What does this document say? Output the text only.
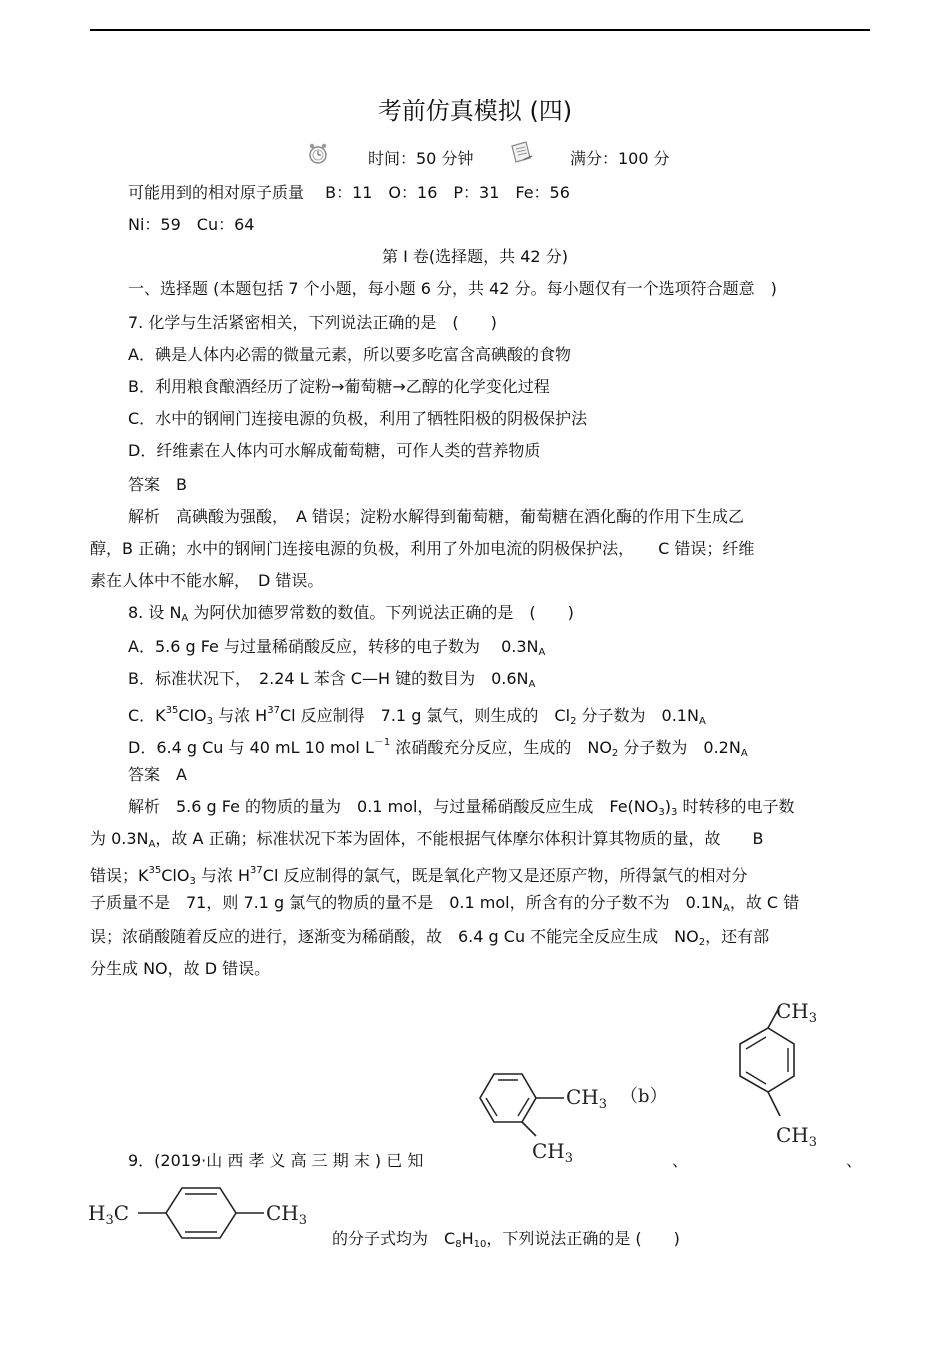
考前仿真模拟 (四)
时间：50 分钟	满分：100 分
可能用到的相对原子质量　 B：11　O：16　P：31　Fe：56
Ni：59　Cu：64
第 I 卷(选择题，共 42 分)
一、选择题 (本题包括 7 个小题，每小题 6 分，共 42 分。每小题仅有一个选项符合题意　)
7. 化学与生活紧密相关，下列说法正确的是　(　　)
A．碘是人体内必需的微量元素，所以要多吃富含高碘酸的食物
B．利用粮食酿酒经历了淀粉→葡萄糖→乙醇的化学变化过程
C．水中的钢闸门连接电源的负极，利用了牺牲阳极的阴极保护法
D．纤维素在人体内可水解成葡萄糖，可作人类的营养物质
答案　B
解析　高碘酸为强酸，　A 错误；淀粉水解得到葡萄糖，葡萄糖在酒化酶的作用下生成乙
醇，B 正确；水中的钢闸门连接电源的负极，利用了外加电流的阴极保护法，　　C 错误；纤维
素在人体中不能水解，　D 错误。
8. 设 $N_A$ 为阿伏加德罗常数的数值。下列说法正确的是　(　　)
A．5.6 g Fe 与过量稀硝酸反应，转移的电子数为　 $0.3N_A$
B．标准状况下，　2.24 L 苯含 C—H 键的数目为　$0.6N_A$
C．$K^{35}ClO_3$ 与浓 $H^{37}Cl$ 反应制得　7.1 g 氯气，则生成的　$Cl_2$ 分子数为　$0.1N_A$
D．6.4 g Cu 与 40 mL 10 mol $L^{-1}$ 浓硝酸充分反应，生成的　$NO_2$ 分子数为　$0.2N_A$
答案　A
解析　5.6 g Fe 的物质的量为　0.1 mol，与过量稀硝酸反应生成　$Fe(NO_3)_3$ 时转移的电子数
为 $0.3N_A$，故 A 正确；标准状况下苯为固体，不能根据气体摩尔体积计算其物质的量，故　　B
错误；$K^{35}ClO_3$ 与浓 $H^{37}Cl$ 反应制得的氯气，既是氧化产物又是还原产物，所得氯气的相对分
子质量不是　71，则 7.1 g 氯气的物质的量不是　0.1 mol，所含有的分子数不为　$0.1N_A$，故 C 错
误；浓硝酸随着反应的进行，逐渐变为稀硝酸，故　6.4 g Cu 不能完全反应生成　$NO_2$，还有部
分生成 NO，故 D 错误。
$CH_3$ （b）
$CH_3$
$CH_3$
$CH_3$
9．(2019·山 西 孝 义 高 三 期 末 ) 已 知	、	、
$H_3C$	$CH_3$
的分子式均为　$C_8H_{10}$，下列说法正确的是 (　　)
